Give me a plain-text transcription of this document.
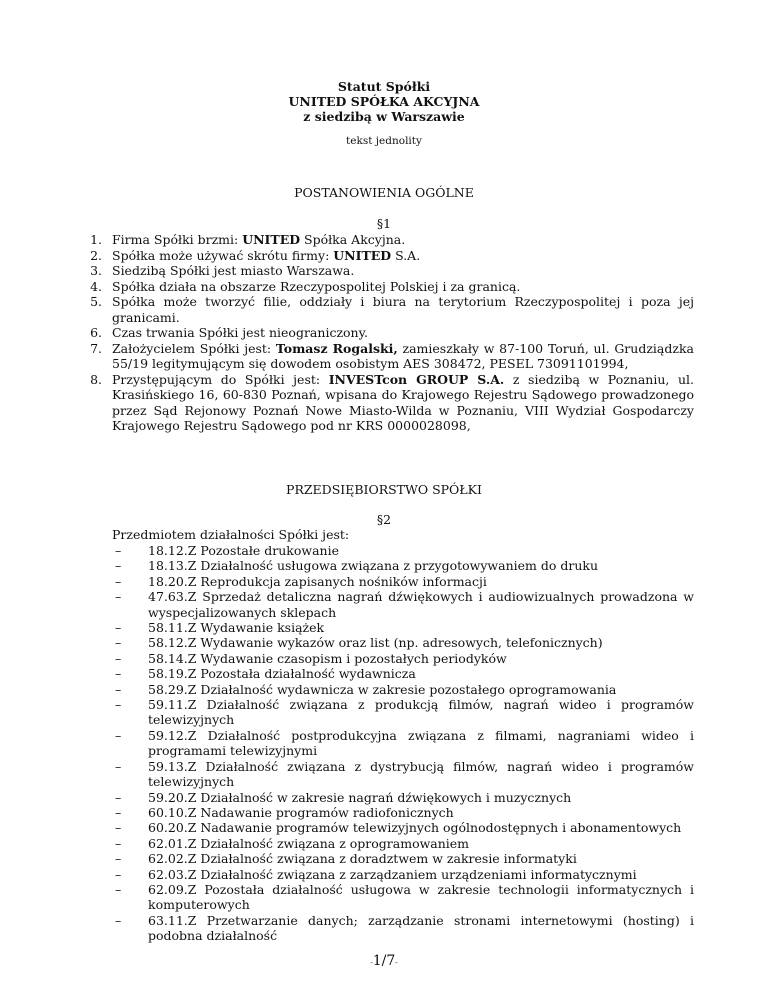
Statut Spółki
UNITED SPÓŁKA AKCYJNA
z siedzibą w Warszawie
tekst jednolity
POSTANOWIENIA OGÓLNE
§1
1. Firma Spółki brzmi: UNITED Spółka Akcyjna.
2. Spółka może używać skrótu firmy: UNITED S.A.
3. Siedzibą Spółki jest miasto Warszawa.
4. Spółka działa na obszarze Rzeczypospolitej Polskiej i za granicą.
5. Spółka może tworzyć filie, oddziały i biura na terytorium Rzeczypospolitej i poza jej granicami.
6. Czas trwania Spółki jest nieograniczony.
7. Założycielem Spółki jest: Tomasz Rogalski, zamieszkały w 87-100 Toruń, ul. Grudziądzka 55/19 legitymującym się dowodem osobistym AES 308472, PESEL 73091101994,
8. Przystępującym do Spółki jest: INVESTcon GROUP S.A. z siedzibą w Poznaniu, ul. Krasińskiego 16, 60-830 Poznań, wpisana do Krajowego Rejestru Sądowego prowadzonego przez Sąd Rejonowy Poznań Nowe Miasto-Wilda w Poznaniu, VIII Wydział Gospodarczy Krajowego Rejestru Sądowego pod nr KRS 0000028098,
PRZEDSIĘBIORSTWO SPÓŁKI
§2
Przedmiotem działalności Spółki jest:
– 18.12.Z Pozostałe drukowanie
– 18.13.Z Działalność usługowa związana z przygotowywaniem do druku
– 18.20.Z Reprodukcja zapisanych nośników informacji
– 47.63.Z Sprzedaż detaliczna nagrań dźwiękowych i audiowizualnych prowadzona w wyspecjalizowanych sklepach
– 58.11.Z Wydawanie książek
– 58.12.Z Wydawanie wykazów oraz list (np. adresowych, telefonicznych)
– 58.14.Z Wydawanie czasopism i pozostałych periodyków
– 58.19.Z Pozostała działalność wydawnicza
– 58.29.Z Działalność wydawnicza w zakresie pozostałego oprogramowania
– 59.11.Z Działalność związana z produkcją filmów, nagrań wideo i programów telewizyjnych
– 59.12.Z Działalność postprodukcyjna związana z filmami, nagraniami wideo i programami telewizyjnymi
– 59.13.Z Działalność związana z dystrybucją filmów, nagrań wideo i programów telewizyjnych
– 59.20.Z Działalność w zakresie nagrań dźwiękowych i muzycznych
– 60.10.Z Nadawanie programów radiofonicznych
– 60.20.Z Nadawanie programów telewizyjnych ogólnodostępnych i abonamentowych
– 62.01.Z Działalność związana z oprogramowaniem
– 62.02.Z Działalność związana z doradztwem w zakresie informatyki
– 62.03.Z Działalność związana z zarządzaniem urządzeniami informatycznymi
– 62.09.Z Pozostała działalność usługowa w zakresie technologii informatycznych i komputerowych
– 63.11.Z Przetwarzanie danych; zarządzanie stronami internetowymi (hosting) i podobna działalność
-1/7-
